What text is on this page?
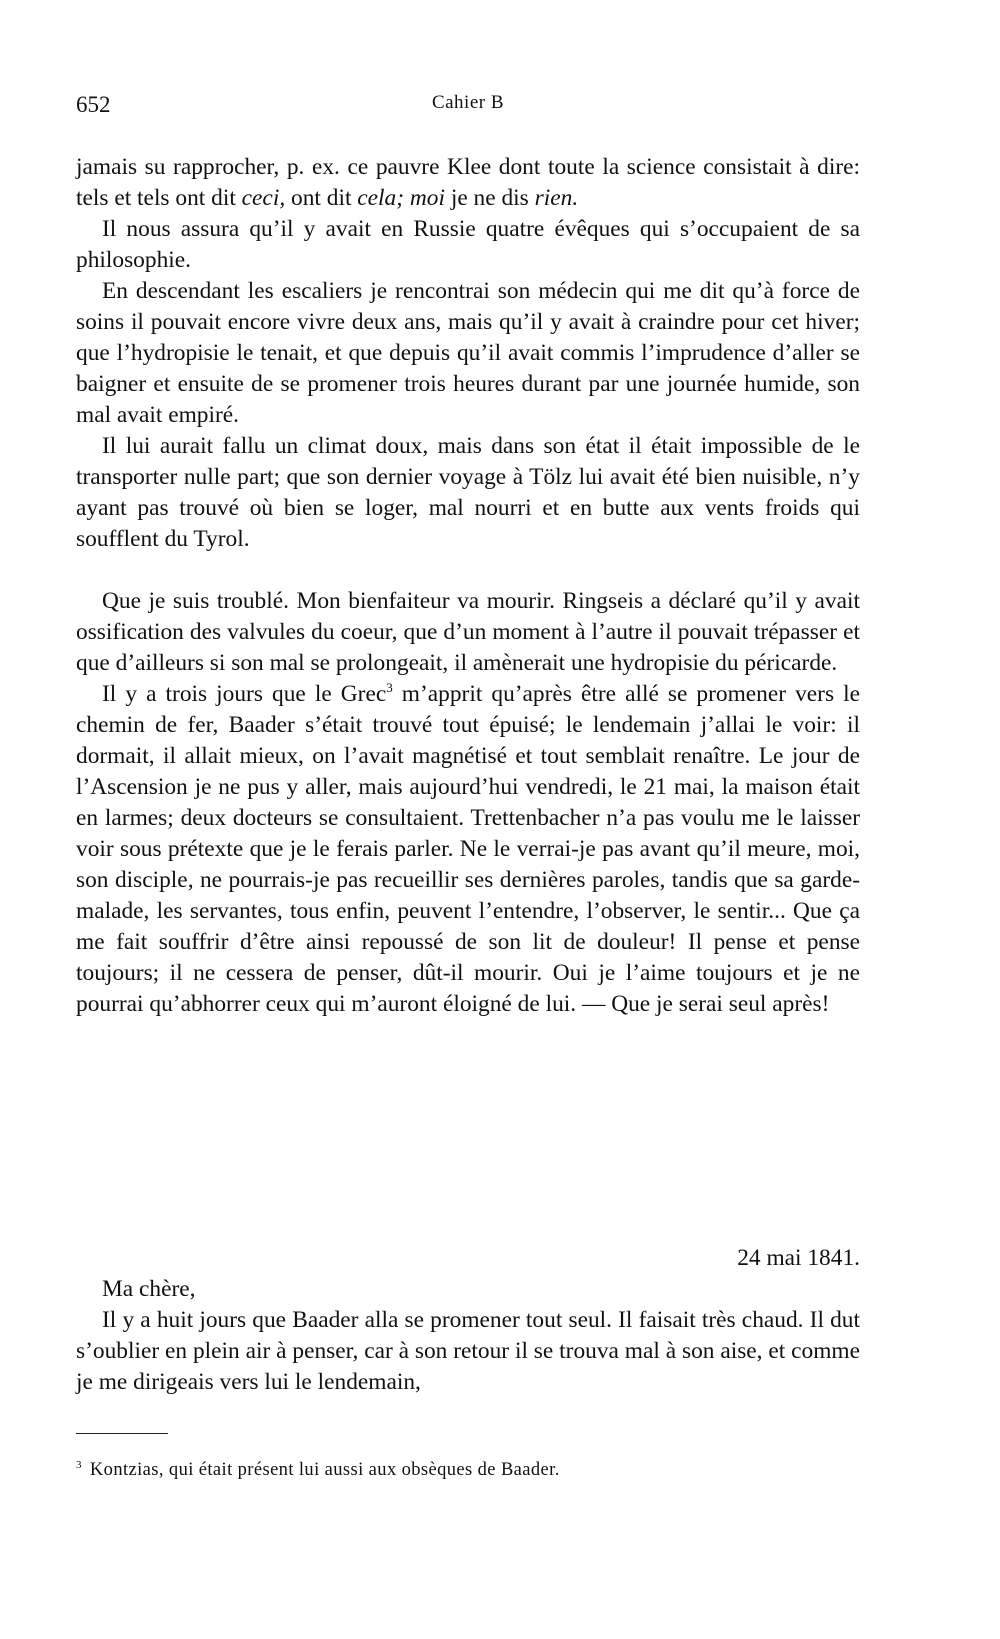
652	Cahier B

jamais su rapprocher, p. ex. ce pauvre Klee dont toute la science consistait à dire: tels et tels ont dit ceci, ont dit cela; moi je ne dis rien.

Il nous assura qu’il y avait en Russie quatre évêques qui s’occupaient de sa philosophie.

En descendant les escaliers je rencontrai son médecin qui me dit qu’à force de soins il pouvait encore vivre deux ans, mais qu’il y avait à craindre pour cet hiver; que l’hydropisie le tenait, et que depuis qu’il avait commis l’imprudence d’aller se baigner et ensuite de se promener trois heures durant par une journée humide, son mal avait empiré.

Il lui aurait fallu un climat doux, mais dans son état il était impossible de le transporter nulle part; que son dernier voyage à Tölz lui avait été bien nuisible, n’y ayant pas trouvé où bien se loger, mal nourri et en butte aux vents froids qui soufflent du Tyrol.

Que je suis troublé. Mon bienfaiteur va mourir. Ringseis a déclaré qu’il y avait ossification des valvules du coeur, que d’un moment à l’autre il pouvait trépasser et que d’ailleurs si son mal se prolongeait, il amènerait une hydropisie du péricarde.

Il y a trois jours que le Grec$^3$ m’apprit qu’après être allé se promener vers le chemin de fer, Baader s’était trouvé tout épuisé; le lendemain j’allai le voir: il dormait, il allait mieux, on l’avait magnétisé et tout semblait renaître. Le jour de l’Ascension je ne pus y aller, mais aujourd’hui vendredi, le 21 mai, la maison était en larmes; deux docteurs se consultaient. Trettenbacher n’a pas voulu me le laisser voir sous prétexte que je le ferais parler. Ne le verrai-je pas avant qu’il meure, moi, son disciple, ne pourrais-je pas recueillir ses dernières paroles, tandis que sa garde-malade, les servantes, tous enfin, peuvent l’entendre, l’observer, le sentir... Que ça me fait souffrir d’être ainsi repoussé de son lit de douleur! Il pense et pense toujours; il ne cessera de penser, dût-il mourir. Oui je l’aime toujours et je ne pourrai qu’abhorrer ceux qui m’auront éloigné de lui. — Que je serai seul après!

24 mai 1841.

Ma chère,

Il y a huit jours que Baader alla se promener tout seul. Il faisait très chaud. Il dut s’oublier en plein air à penser, car à son retour il se trouva mal à son aise, et comme je me dirigeais vers lui le lendemain,

$^3$ Kontzias, qui était présent lui aussi aux obsèques de Baader.
